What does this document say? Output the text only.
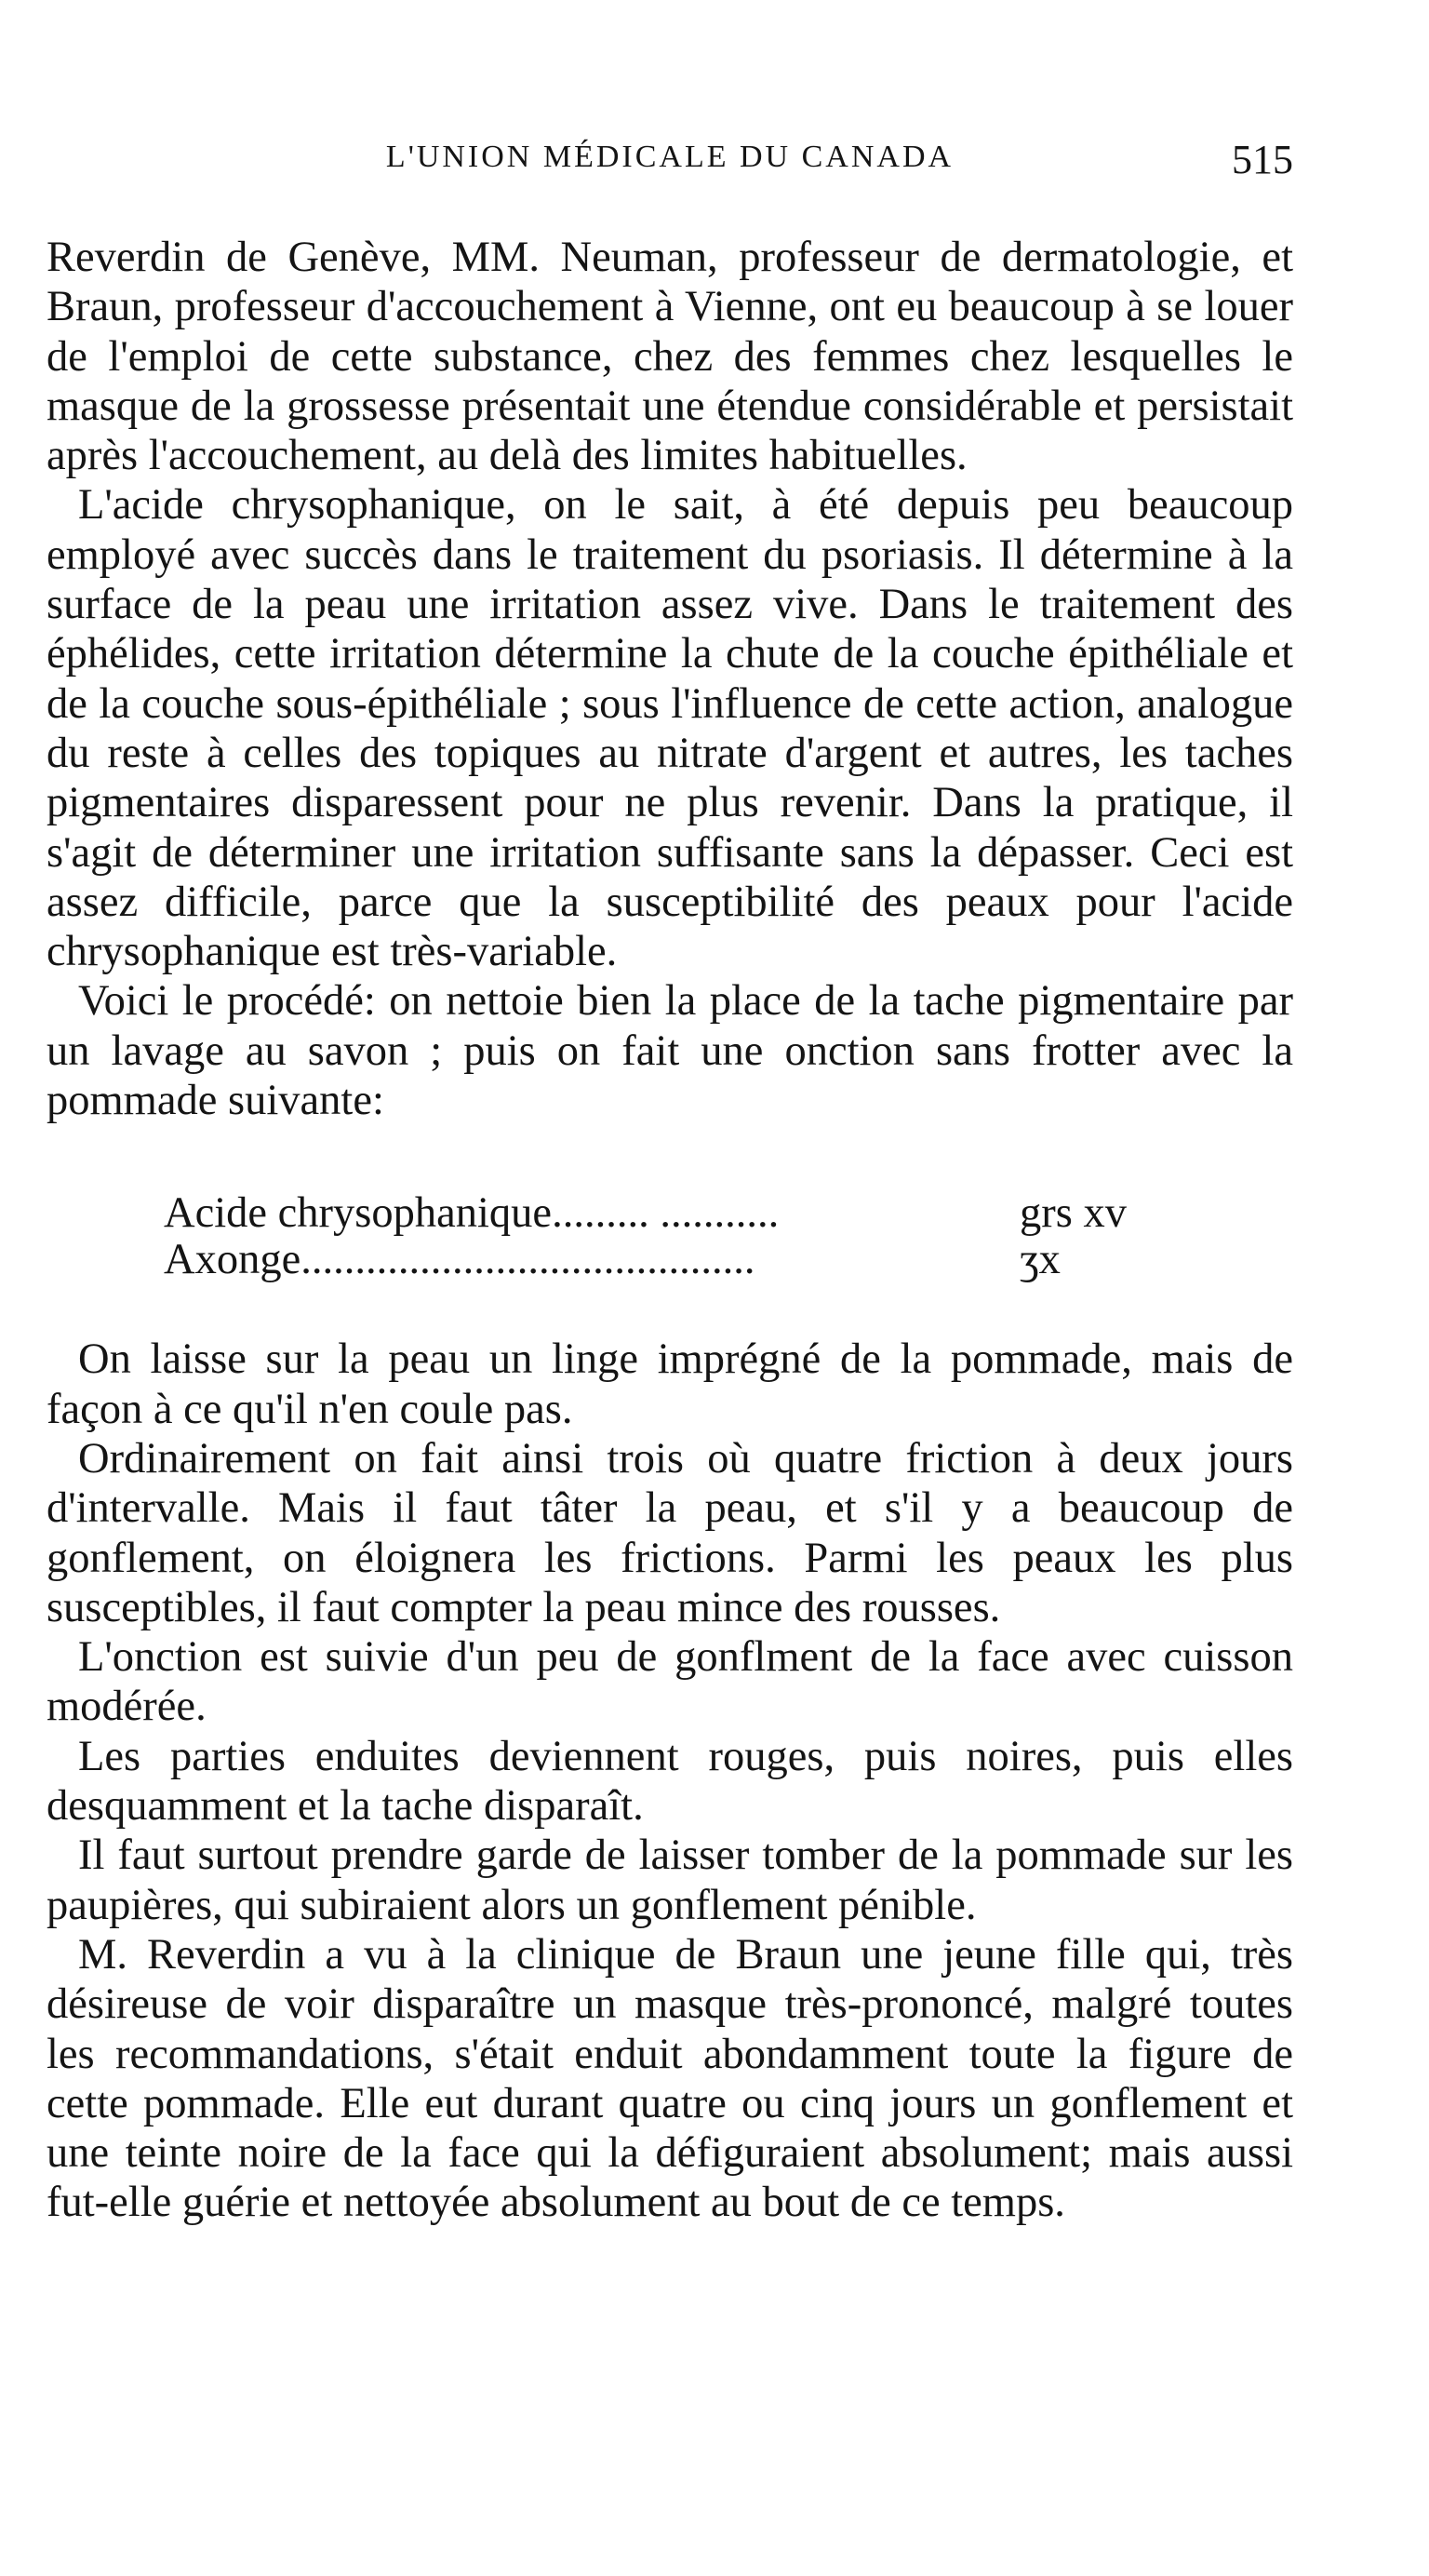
L'UNION MÉDICALE DU CANADA	515

Reverdin de Genève, MM. Neuman, professeur de dermatologie, et Braun, professeur d'accouchement à Vienne, ont eu beaucoup à se louer de l'emploi de cette substance, chez des femmes chez lesquelles le masque de la grossesse présentait une étendue considérable et persistait après l'accouchement, au delà des limites habituelles.

L'acide chrysophanique, on le sait, à été depuis peu beaucoup employé avec succès dans le traitement du psoriasis. Il détermine à la surface de la peau une irritation assez vive. Dans le traitement des éphélides, cette irritation détermine la chute de la couche épithéliale et de la couche sous-épithéliale ; sous l'influence de cette action, analogue du reste à celles des topiques au nitrate d'argent et autres, les taches pigmentaires disparessent pour ne plus revenir. Dans la pratique, il s'agit de déterminer une irritation suffisante sans la dépasser. Ceci est assez difficile, parce que la susceptibilité des peaux pour l'acide chrysophanique est très-variable.

Voici le procédé: on nettoie bien la place de la tache pigmentaire par un lavage au savon ; puis on fait une onction sans frotter avec la pommade suivante:

Acide chrysophanique......... ...........	grs xv
Axonge..........................................	ʒx

On laisse sur la peau un linge imprégné de la pommade, mais de façon à ce qu'il n'en coule pas.

Ordinairement on fait ainsi trois où quatre friction à deux jours d'intervalle. Mais il faut tâter la peau, et s'il y a beaucoup de gonflement, on éloignera les frictions. Parmi les peaux les plus susceptibles, il faut compter la peau mince des rousses.

L'onction est suivie d'un peu de gonflment de la face avec cuisson modérée.

Les parties enduites deviennent rouges, puis noires, puis elles desquamment et la tache disparaît.

Il faut surtout prendre garde de laisser tomber de la pommade sur les paupières, qui subiraient alors un gonflement pénible.

M. Reverdin a vu à la clinique de Braun une jeune fille qui, très désireuse de voir disparaître un masque très-prononcé, malgré toutes les recommandations, s'était enduit abondamment toute la figure de cette pommade. Elle eut durant quatre ou cinq jours un gonflement et une teinte noire de la face qui la défiguraient absolument; mais aussi fut-elle guérie et nettoyée absolument au bout de ce temps.
